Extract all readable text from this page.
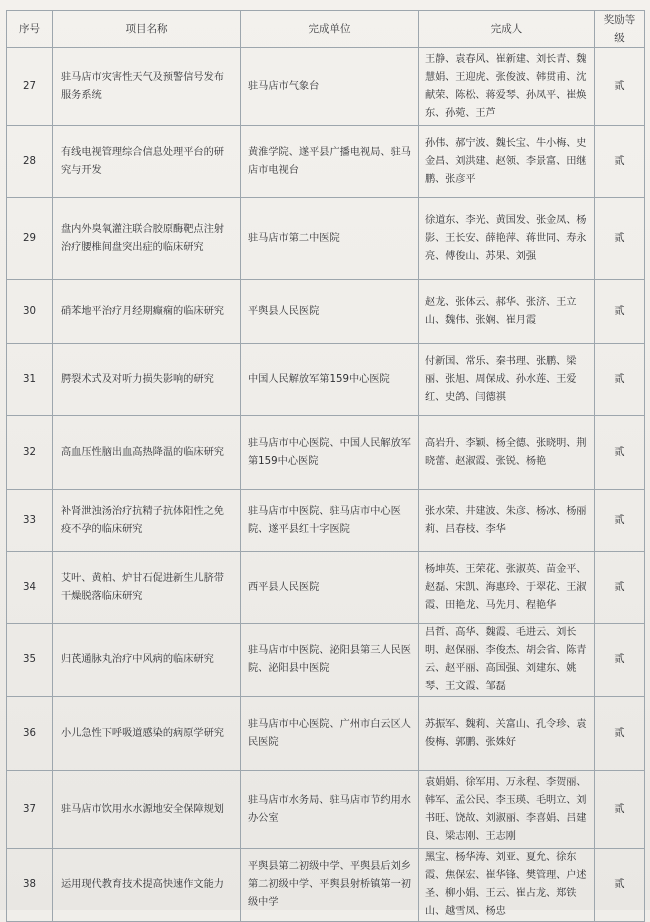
序号	项目名称	完成单位	完成人	奖励等级
27	驻马店市灾害性天气及预警信号发布服务系统	驻马店市气象台	王静、袁春风、崔新建、刘长青、魏慧娟、王迎虎、张俊波、韩贯甫、沈献荣、陈松、蒋爱琴、孙凤平、崔焕东、孙菀、王芦	贰
28	有线电视管理综合信息处理平台的研究与开发	黄淮学院、遂平县广播电视局、驻马店市电视台	孙伟、郝宁波、魏长宝、牛小梅、史金昌、刘洪建、赵领、李景富、田继鹏、张彦平	贰
29	盘内外臭氧灌注联合胶原酶靶点注射治疗腰椎间盘突出症的临床研究	驻马店市第二中医院	徐道东、李光、黄国发、张金凤、杨影、王长安、薛艳萍、蒋世同、寿永亮、傅俊山、苏果、刘强	贰
30	硝苯地平治疗月经期癫痫的临床研究	平舆县人民医院	赵龙、张体云、郝华、张济、王立山、魏伟、张娴、崔月霞	贰
31	腭裂术式及对听力损失影响的研究	中国人民解放军第159中心医院	付新国、常乐、秦书理、张鹏、梁丽、张旭、周保成、孙水莲、王爱红、史鸽、闫德祺	贰
32	高血压性脑出血高热降温的临床研究	驻马店市中心医院、中国人民解放军第159中心医院	高岩升、李颖、杨全德、张晓明、荆晓蕾、赵淑霞、张锐、杨艳	贰
33	补肾泄浊汤治疗抗精子抗体阳性之免疫不孕的临床研究	驻马店市中医院、驻马店市中心医院、遂平县红十字医院	张水荣、井建波、朱彦、杨冰、杨丽莉、吕春枝、李华	贰
34	艾叶、黄柏、炉甘石促进新生儿脐带干燥脱落临床研究	西平县人民医院	杨坤英、王荣花、张淑英、苗金平、赵磊、宋凯、海惠玲、于翠花、王淑霞、田艳龙、马先月、程艳华	贰
35	归芪通脉丸治疗中风病的临床研究	驻马店市中医院、泌阳县第三人民医院、泌阳县中医院	吕哲、高华、魏霞、毛进云、刘长明、赵保丽、李俊杰、胡会省、陈青云、赵平丽、高国强、刘建东、姚琴、王文霞、邹磊	贰
36	小儿急性下呼吸道感染的病原学研究	驻马店市中心医院、广州市白云区人民医院	苏振军、魏莉、关富山、孔令珍、袁俊梅、郭鹏、张姝好	贰
37	驻马店市饮用水水源地安全保障规划	驻马店市水务局、驻马店市节约用水办公室	袁娟娟、徐军用、万永程、李贺丽、韩军、孟公民、李玉瑛、毛明立、刘书旺、饶故、刘淑丽、李喜娟、吕建良、梁志刚、王志刚	贰
38	运用现代教育技术提高快速作文能力	平舆县第二初级中学、平舆县后刘乡第二初级中学、平舆县射桥镇第一初级中学	黑宝、杨华涛、刘亚、夏允、徐东霞、焦保宏、崔华锋、樊管理、户述圣、柳小娟、王云、崔占龙、郑铁山、越雪凤、杨忠	贰
